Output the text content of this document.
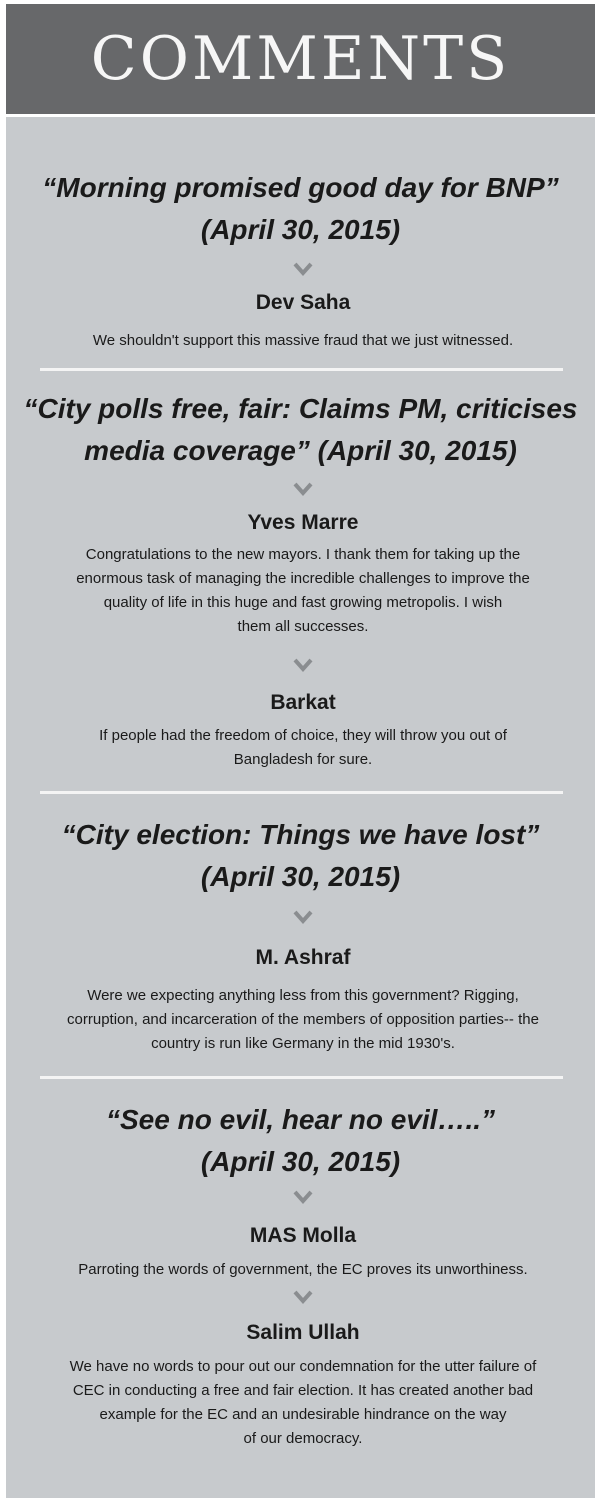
COMMENTS
“Morning promised good day for BNP”
(April 30, 2015)
Dev Saha
We shouldn't support this massive fraud that we just witnessed.
“City polls free, fair: Claims PM, criticises
media coverage” (April 30, 2015)
Yves Marre
Congratulations to the new mayors. I thank them for taking up the
enormous task of managing the incredible challenges to improve the
quality of life in this huge and fast growing metropolis. I wish
them all successes.
Barkat
If people had the freedom of choice, they will throw you out of
Bangladesh for sure.
“City election: Things we have lost”
(April 30, 2015)
M. Ashraf
Were we expecting anything less from this government? Rigging,
corruption, and incarceration of the members of opposition parties-- the
country is run like Germany in the mid 1930's.
“See no evil, hear no evil…..”
(April 30, 2015)
MAS Molla
Parroting the words of government, the EC proves its unworthiness.
Salim Ullah
We have no words to pour out our condemnation for the utter failure of
CEC in conducting a free and fair election. It has created another bad
example for the EC and an undesirable hindrance on the way
of our democracy.
